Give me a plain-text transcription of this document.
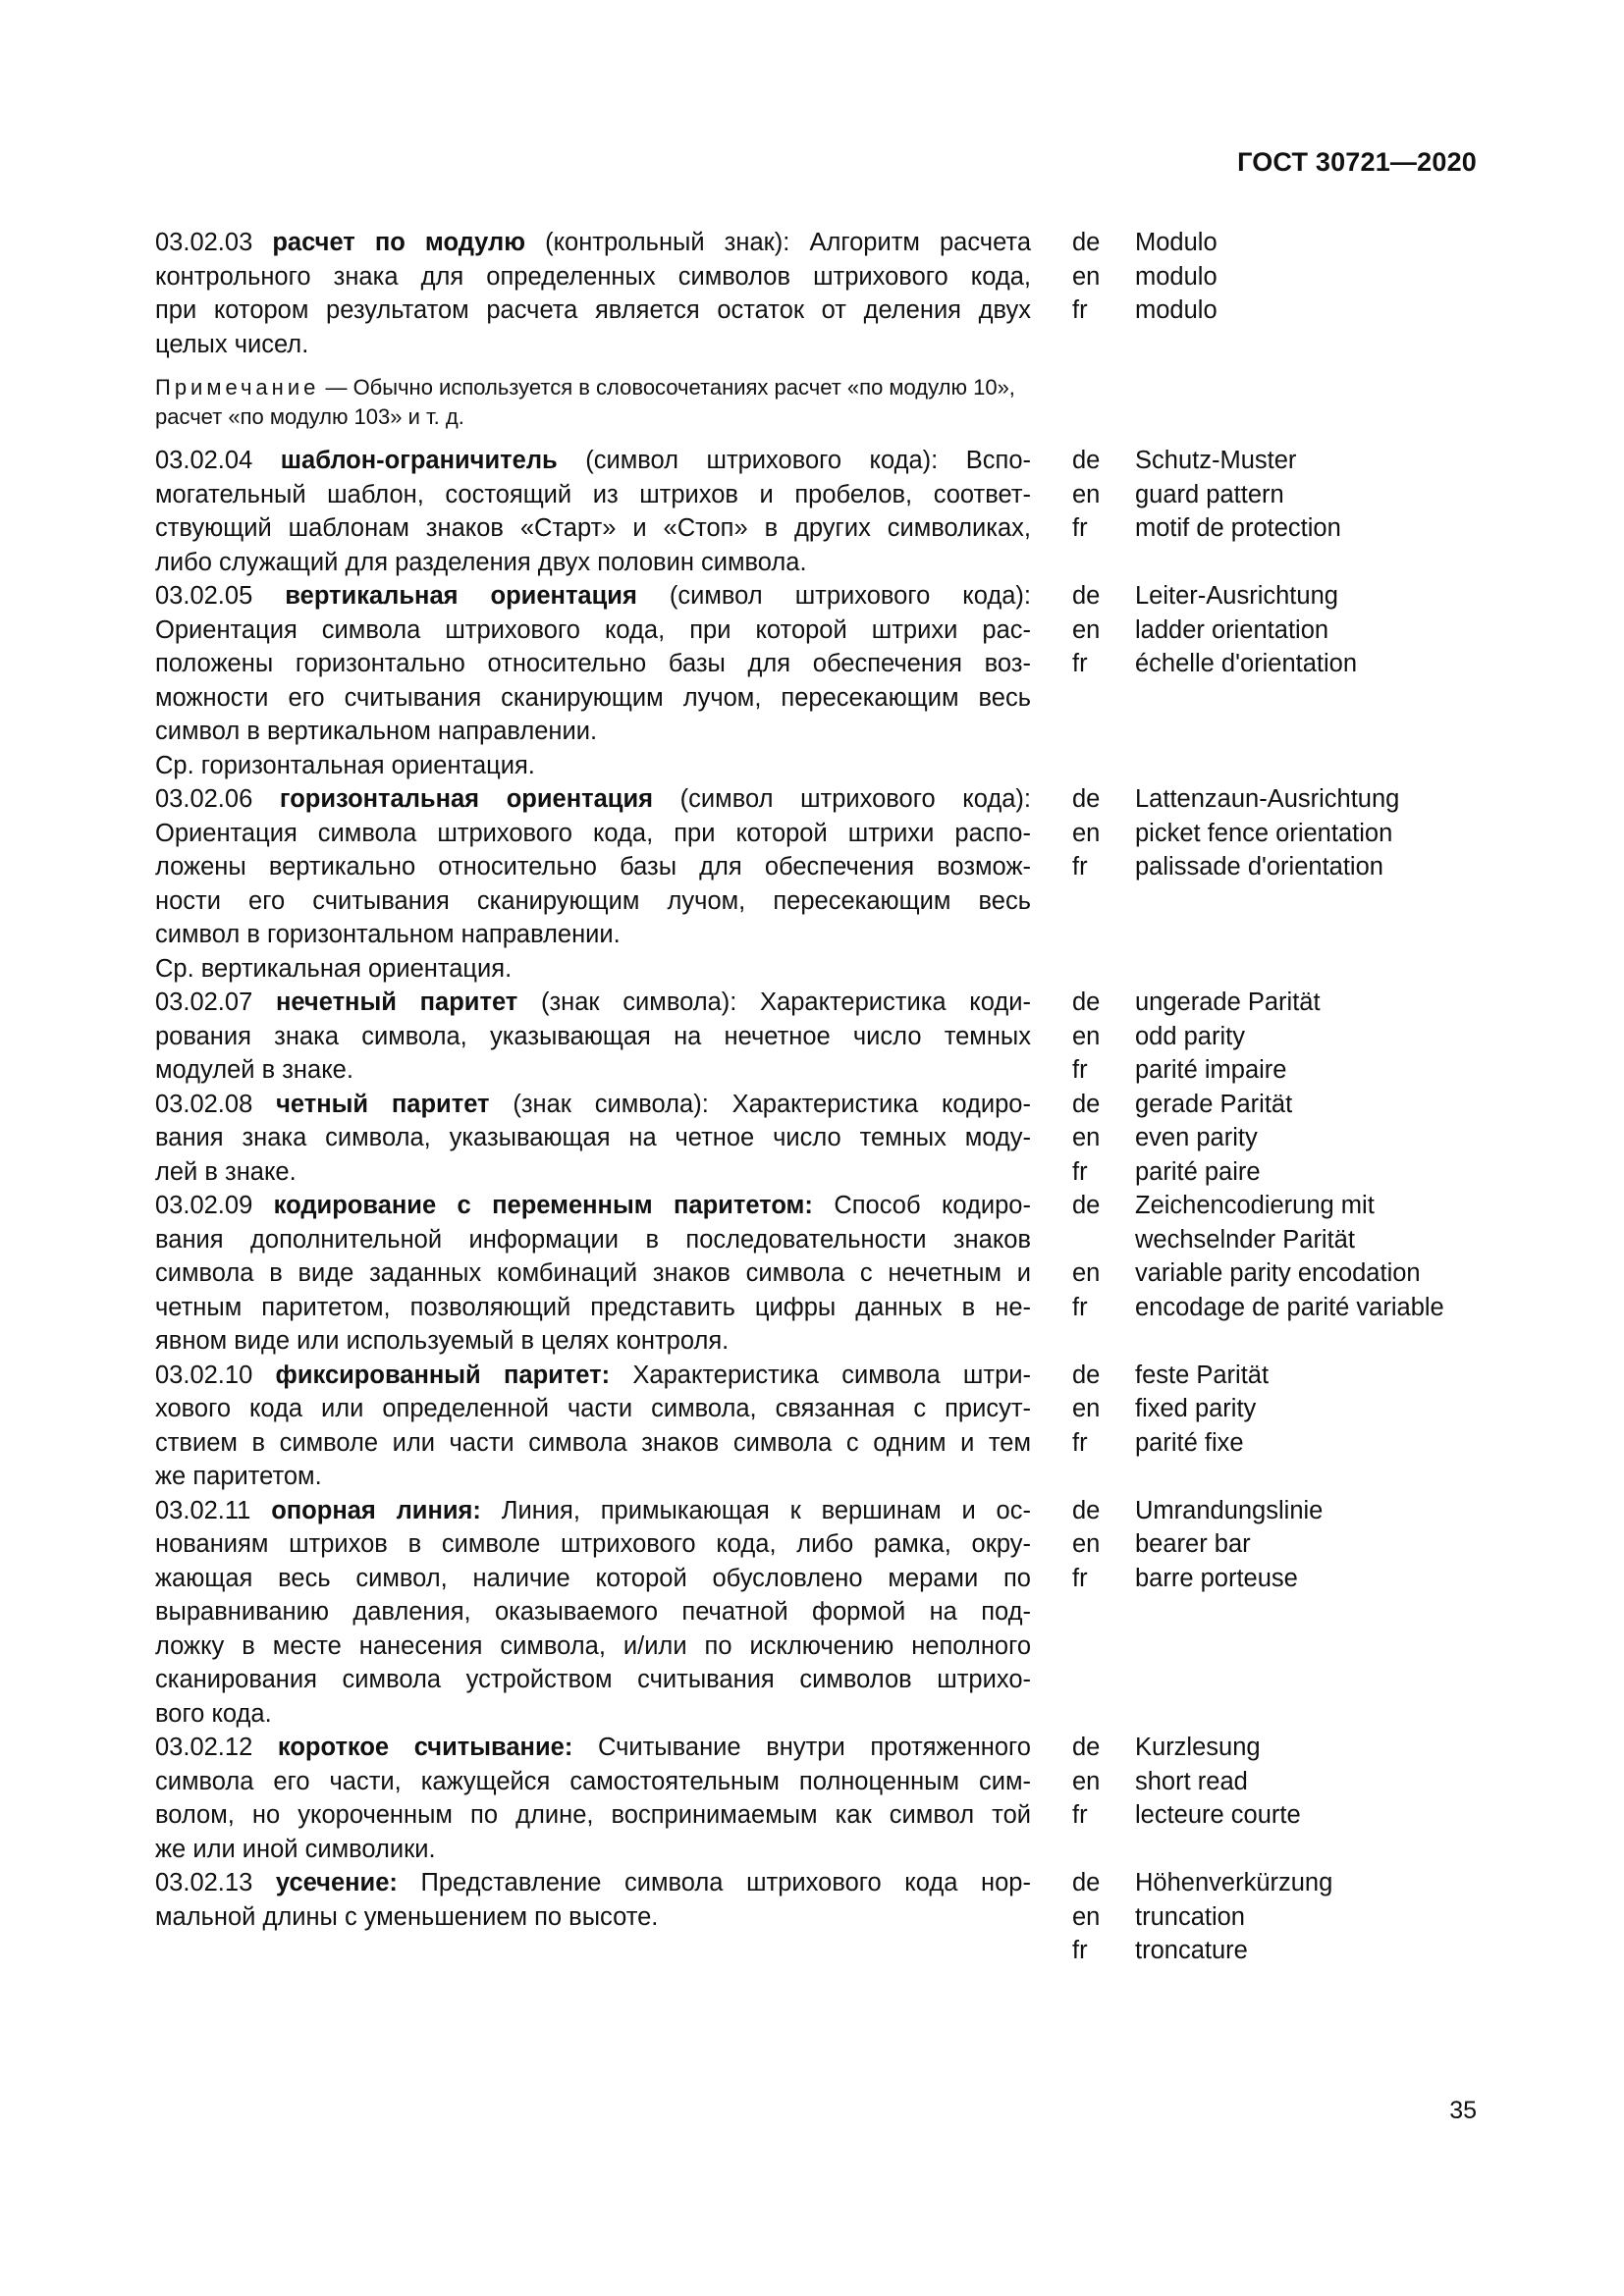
ГОСТ 30721—2020
03.02.03 расчет по модулю (контрольный знак): Алгоритм расчета
контрольного знака для определенных символов штрихового кода,
при котором результатом расчета является остаток от деления двух
целых чисел.
de	Modulo
en	modulo
fr	modulo
Примечание — Обычно используется в словосочетаниях расчет «по модулю 10», расчет «по модулю 103» и т. д.
03.02.04 шаблон-ограничитель (символ штрихового кода): Вспо-
могательный шаблон, состоящий из штрихов и пробелов, соответ-
ствующий шаблонам знаков «Старт» и «Стоп» в других символиках,
либо служащий для разделения двух половин символа.
de	Schutz-Muster
en	guard pattern
fr	motif de protection
03.02.05 вертикальная ориентация (символ штрихового кода):
Ориентация символа штрихового кода, при которой штрихи рас-
положены горизонтально относительно базы для обеспечения воз-
можности его считывания сканирующим лучом, пересекающим весь
символ в вертикальном направлении.
Ср. горизонтальная ориентация.
de	Leiter-Ausrichtung
en	ladder orientation
fr	échelle d'orientation
03.02.06 горизонтальная ориентация (символ штрихового кода):
Ориентация символа штрихового кода, при которой штрихи распо-
ложены вертикально относительно базы для обеспечения возмож-
ности его считывания сканирующим лучом, пересекающим весь
символ в горизонтальном направлении.
Ср. вертикальная ориентация.
de	Lattenzaun-Ausrichtung
en	picket fence orientation
fr	palissade d'orientation
03.02.07 нечетный паритет (знак символа): Характеристика коди-
рования знака символа, указывающая на нечетное число темных
модулей в знаке.
de	ungerade Parität
en	odd parity
fr	parité impaire
03.02.08 четный паритет (знак символа): Характеристика кодиро-
вания знака символа, указывающая на четное число темных моду-
лей в знаке.
de	gerade Parität
en	even parity
fr	parité paire
03.02.09 кодирование с переменным паритетом: Способ кодиро-
вания дополнительной информации в последовательности знаков
символа в виде заданных комбинаций знаков символа с нечетным и
четным паритетом, позволяющий представить цифры данных в не-
явном виде или используемый в целях контроля.
de	Zeichencodierung mit
wechselnder Parität
en	variable parity encodation
fr	encodage de parité variable
03.02.10 фиксированный паритет: Характеристика символа штри-
хового кода или определенной части символа, связанная с присут-
ствием в символе или части символа знаков символа с одним и тем
же паритетом.
de	feste Parität
en	fixed parity
fr	parité fixe
03.02.11 опорная линия: Линия, примыкающая к вершинам и ос-
нованиям штрихов в символе штрихового кода, либо рамка, окру-
жающая весь символ, наличие которой обусловлено мерами по
выравниванию давления, оказываемого печатной формой на под-
ложку в месте нанесения символа, и/или по исключению неполного
сканирования символа устройством считывания символов штрихо-
вого кода.
de	Umrandungslinie
en	bearer bar
fr	barre porteuse
03.02.12 короткое считывание: Считывание внутри протяженного
символа его части, кажущейся самостоятельным полноценным сим-
волом, но укороченным по длине, воспринимаемым как символ той
же или иной символики.
de	Kurzlesung
en	short read
fr	lecteure courte
03.02.13 усечение: Представление символа штрихового кода нор-
мальной длины с уменьшением по высоте.
de	Höhenverkürzung
en	truncation
fr	troncature
35
